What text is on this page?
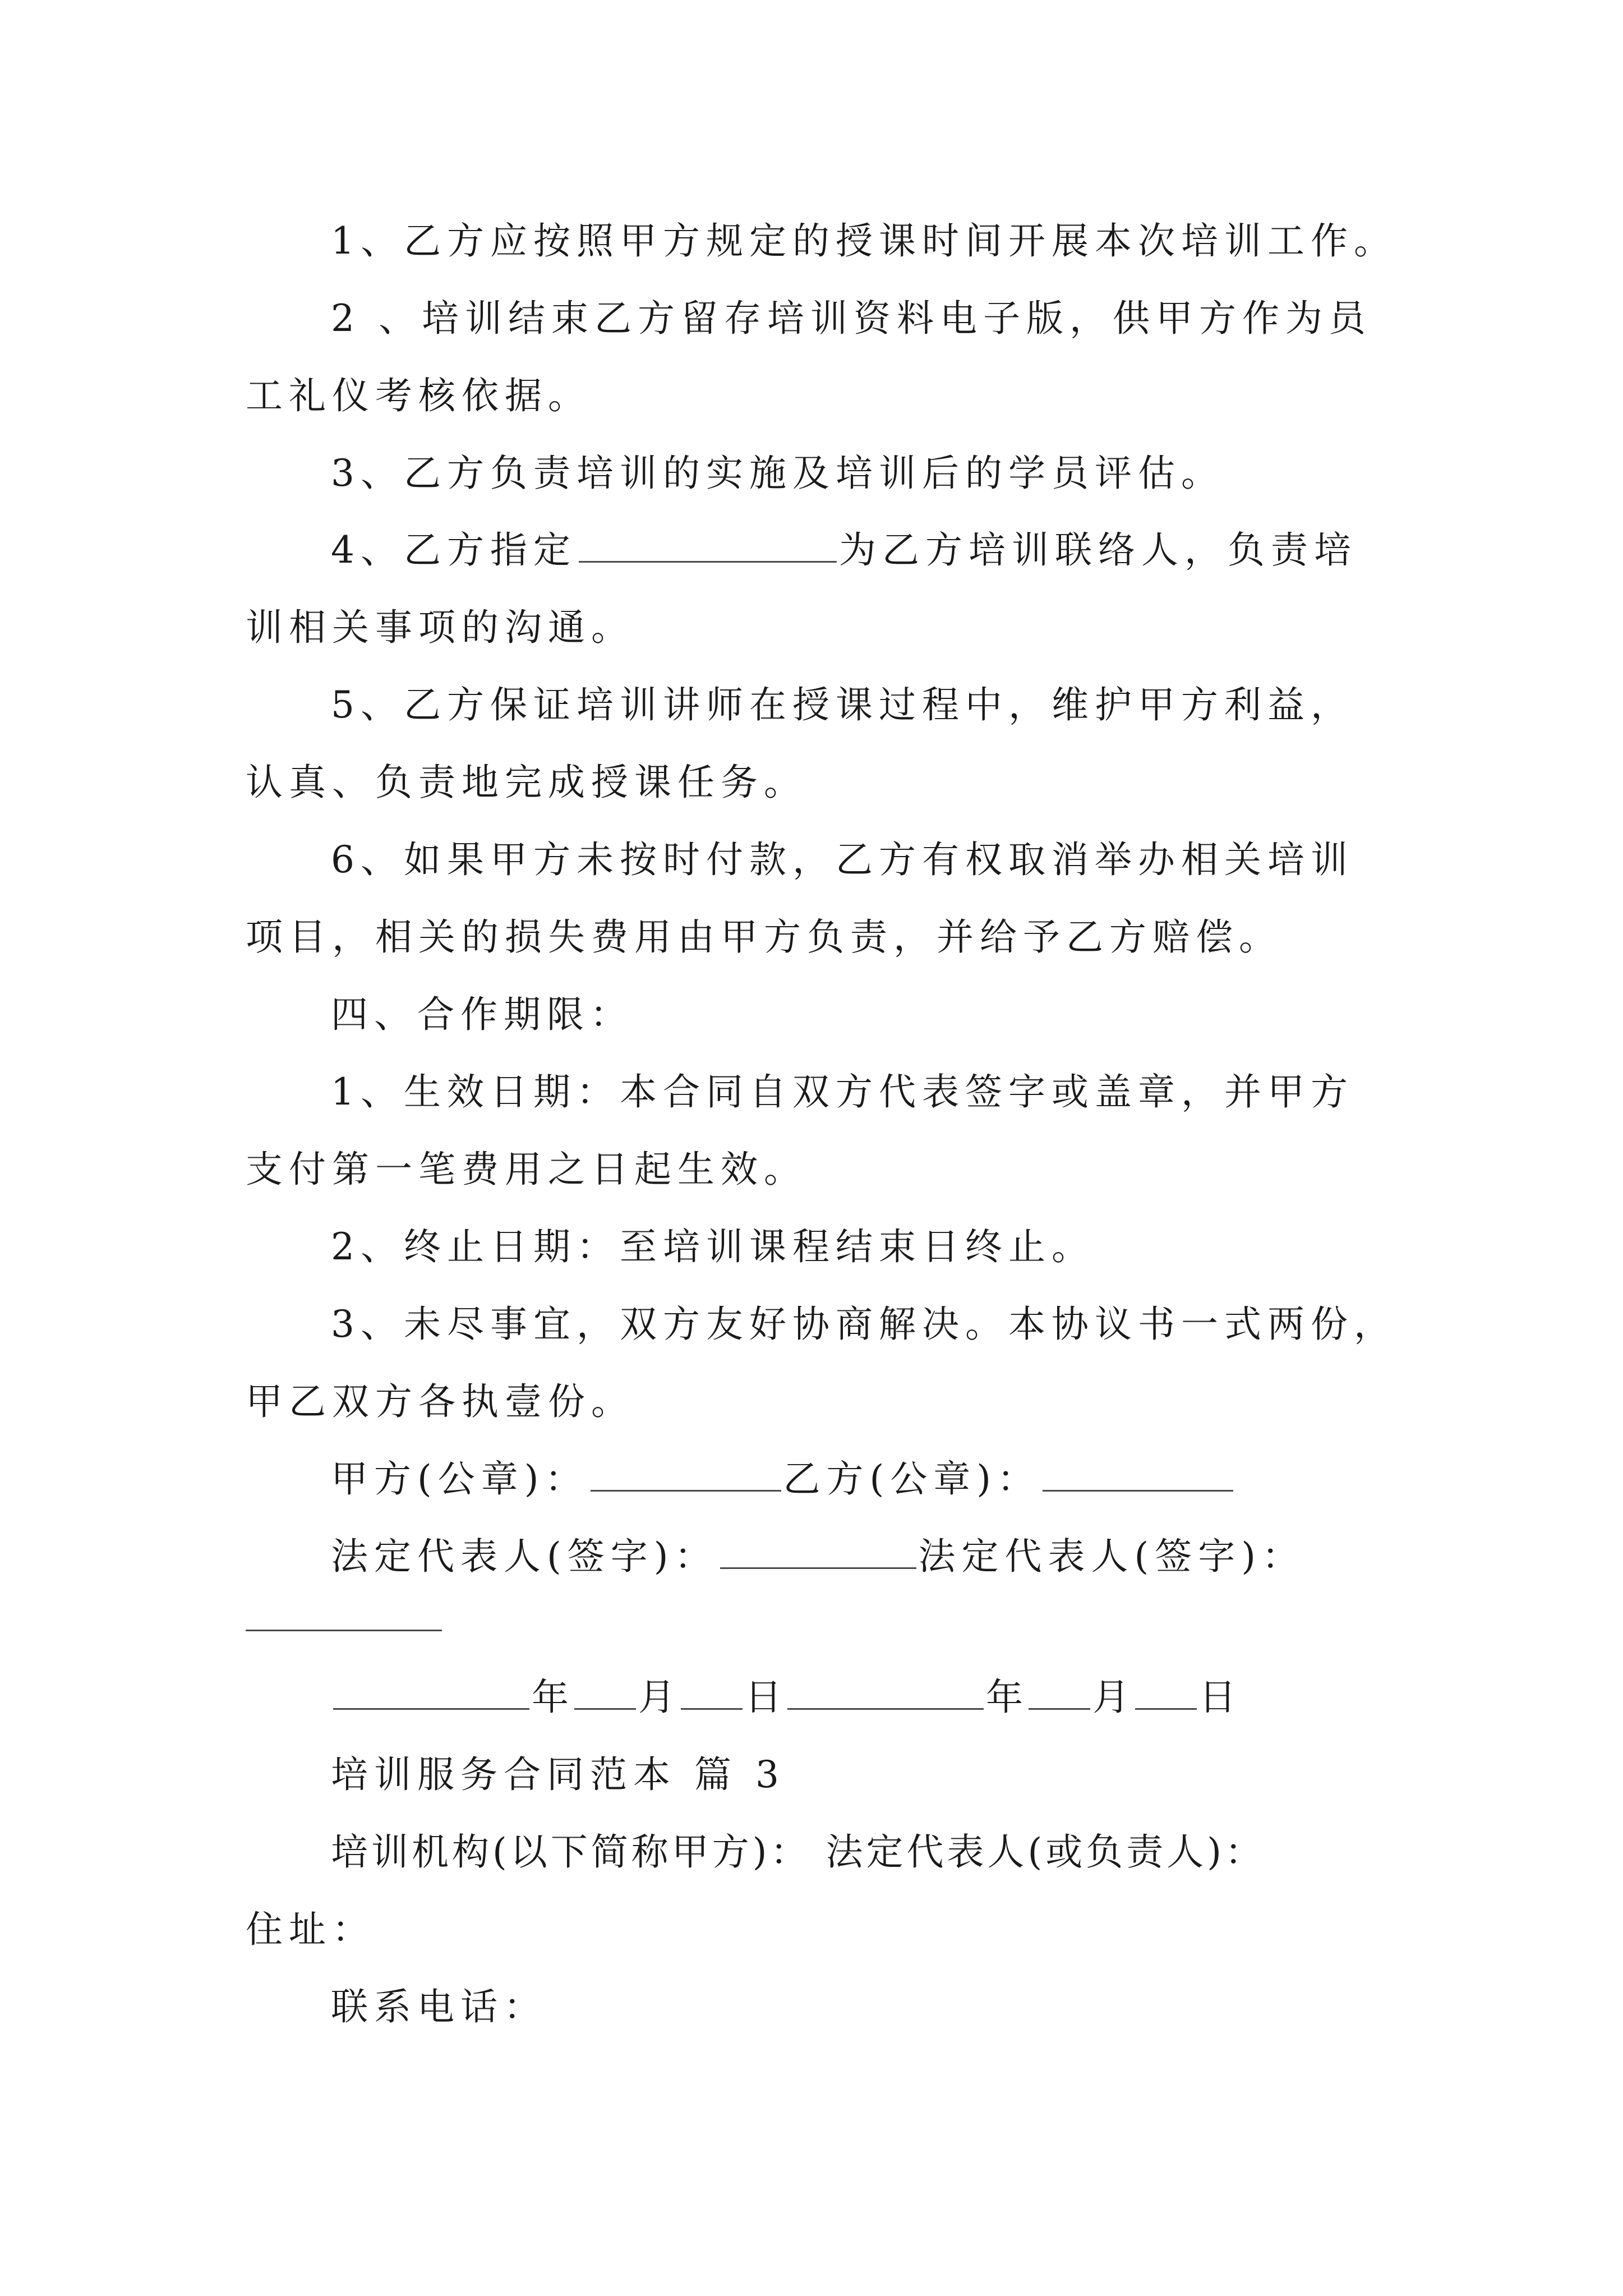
1、乙方应按照甲方规定的授课时间开展本次培训工作。
2 、培训结束乙方留存培训资料电子版，供甲方作为员
工礼仪考核依据。
3、乙方负责培训的实施及培训后的学员评估。
4、乙方指定	为乙方培训联络人，负责培
训相关事项的沟通。
5、乙方保证培训讲师在授课过程中，维护甲方利益，
认真、负责地完成授课任务。
6、如果甲方未按时付款，乙方有权取消举办相关培训
项目，相关的损失费用由甲方负责，并给予乙方赔偿。
四、合作期限：
1、生效日期：本合同自双方代表签字或盖章，并甲方
支付第一笔费用之日起生效。
2、终止日期：至培训课程结束日终止。
3、未尽事宜，双方友好协商解决。本协议书一式两份，
甲乙双方各执壹份。
甲方(公章)：	乙方(公章)：
法定代表人(签字)：	法定代表人(签字)：
年 月 日	年 月 日
培训服务合同范本 篇 3
培训机构(以下简称甲方)： 法定代表人(或负责人)：
住址：
联系电话：
